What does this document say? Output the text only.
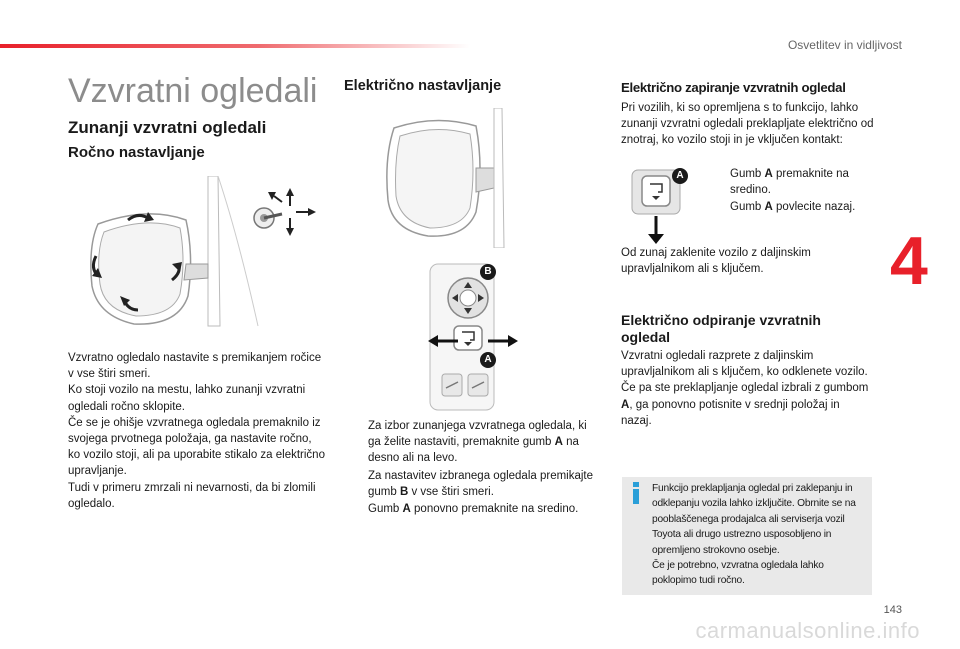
Osvetlitev in vidljivost
4
143
carmanualsonline.info
Vzvratni ogledali
Zunanji vzvratni ogledali
Ročno nastavljanje
Vzvratno ogledalo nastavite s premikanjem ročice v vse štiri smeri.
Ko stoji vozilo na mestu, lahko zunanji vzvratni ogledali ročno sklopite.
Če se je ohišje vzvratnega ogledala premaknilo iz svojega prvotnega položaja, ga nastavite ročno, ko vozilo stoji, ali pa uporabite stikalo za električno upravljanje.
Tudi v primeru zmrzali ni nevarnosti, da bi zlomili ogledalo.
Električno nastavljanje
B
A
Za izbor zunanjega vzvratnega ogledala, ki ga želite nastaviti, premaknite gumb A na desno ali na levo.
Za nastavitev izbranega ogledala premikajte gumb B v vse štiri smeri.
Gumb A ponovno premaknite na sredino.
Električno zapiranje vzvratnih ogledal
Pri vozilih, ki so opremljena s to funkcijo, lahko zunanji vzvratni ogledali preklapljate električno od znotraj, ko vozilo stoji in je vključen kontakt:
A	Gumb A premaknite na sredino.
Gumb A povlecite nazaj.
Od zunaj zaklenite vozilo z daljinskim upravljalnikom ali s ključem.
Električno odpiranje vzvratnih ogledal
Vzvratni ogledali razprete z daljinskim upravljalnikom ali s ključem, ko odklenete vozilo. Če pa ste preklapljanje ogledal izbrali z gumbom A, ga ponovno potisnite v srednji položaj in nazaj.
Funkcijo preklapljanja ogledal pri zaklepanju in odklepanju vozila lahko izključite. Obrnite se na pooblaščenega prodajalca ali serviserja vozil Toyota ali drugo ustrezno usposobljeno in opremljeno strokovno osebje.
Če je potrebno, vzvratna ogledala lahko poklopimo tudi ročno.
